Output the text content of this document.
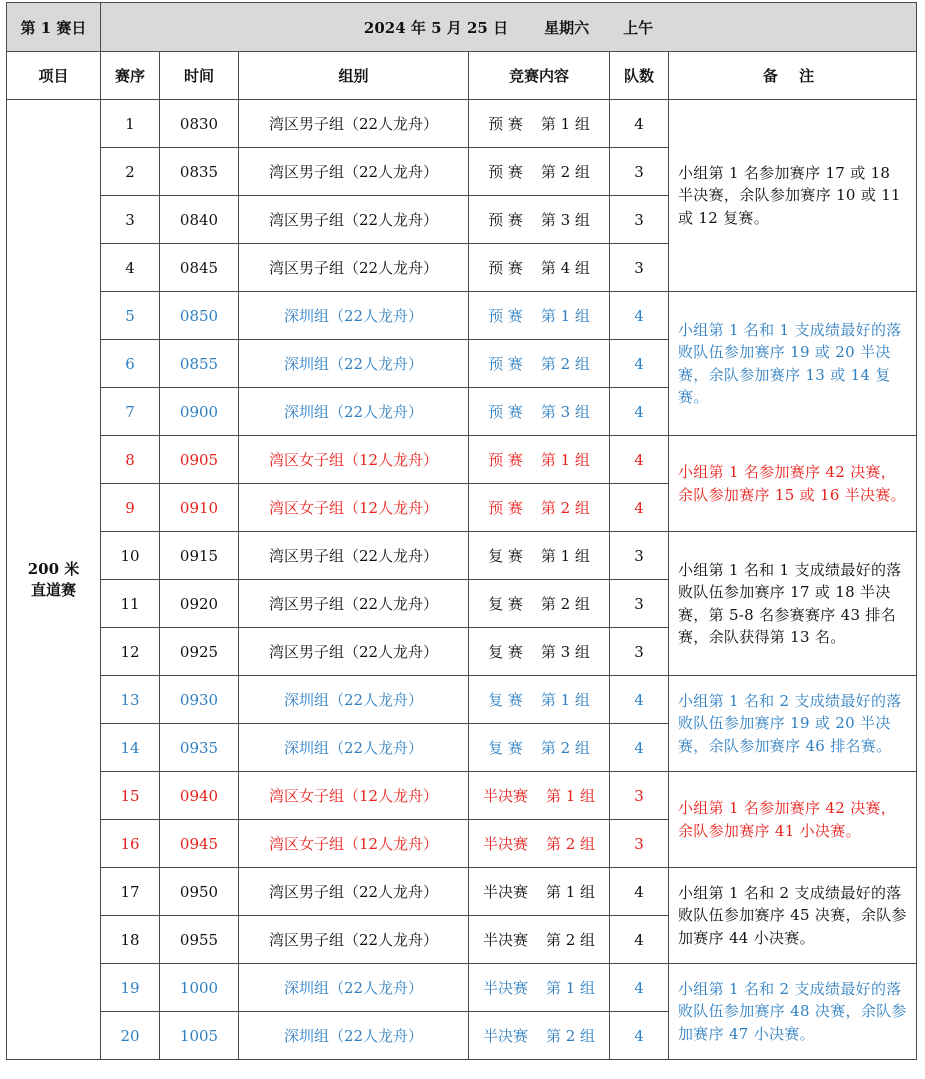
第 1 赛日	2024 年 5 月 25 日 星期六 上午					
项目	赛序	时间	组别	竞赛内容	队数	备 注
200 米
直道赛	1	0830	湾区男子组（22人龙舟）	预 赛 第 1 组	4	小组第 1 名参加赛序 17 或 18 半决赛，余队参加赛序 10 或 11 或 12 复赛。
	2	0835	湾区男子组（22人龙舟）	预 赛 第 2 组	3	
	3	0840	湾区男子组（22人龙舟）	预 赛 第 3 组	3	
	4	0845	湾区男子组（22人龙舟）	预 赛 第 4 组	3	
	5	0850	深圳组（22人龙舟）	预 赛 第 1 组	4	小组第 1 名和 1 支成绩最好的落败队伍参加赛序 19 或 20 半决赛，余队参加赛序 13 或 14 复赛。
	6	0855	深圳组（22人龙舟）	预 赛 第 2 组	4	
	7	0900	深圳组（22人龙舟）	预 赛 第 3 组	4	
	8	0905	湾区女子组（12人龙舟）	预 赛 第 1 组	4	小组第 1 名参加赛序 42 决赛，余队参加赛序 15 或 16 半决赛。
	9	0910	湾区女子组（12人龙舟）	预 赛 第 2 组	4	
	10	0915	湾区男子组（22人龙舟）	复 赛 第 1 组	3	小组第 1 名和 1 支成绩最好的落败队伍参加赛序 17 或 18 半决赛，第 5-8 名参赛赛序 43 排名赛，余队获得第 13 名。
	11	0920	湾区男子组（22人龙舟）	复 赛 第 2 组	3	
	12	0925	湾区男子组（22人龙舟）	复 赛 第 3 组	3	
	13	0930	深圳组（22人龙舟）	复 赛 第 1 组	4	小组第 1 名和 2 支成绩最好的落败队伍参加赛序 19 或 20 半决赛，余队参加赛序 46 排名赛。
	14	0935	深圳组（22人龙舟）	复 赛 第 2 组	4	
	15	0940	湾区女子组（12人龙舟）	半决赛 第 1 组	3	小组第 1 名参加赛序 42 决赛， 余队参加赛序 41 小决赛。
	16	0945	湾区女子组（12人龙舟）	半决赛 第 2 组	3	
	17	0950	湾区男子组（22人龙舟）	半决赛 第 1 组	4	小组第 1 名和 2 支成绩最好的落败队伍参加赛序 45 决赛，余队参加赛序 44 小决赛。
	18	0955	湾区男子组（22人龙舟）	半决赛 第 2 组	4	
	19	1000	深圳组（22人龙舟）	半决赛 第 1 组	4	小组第 1 名和 2 支成绩最好的落败队伍参加赛序 48 决赛，余队参加赛序 47 小决赛。
	20	1005	深圳组（22人龙舟）	半决赛 第 2 组	4	
